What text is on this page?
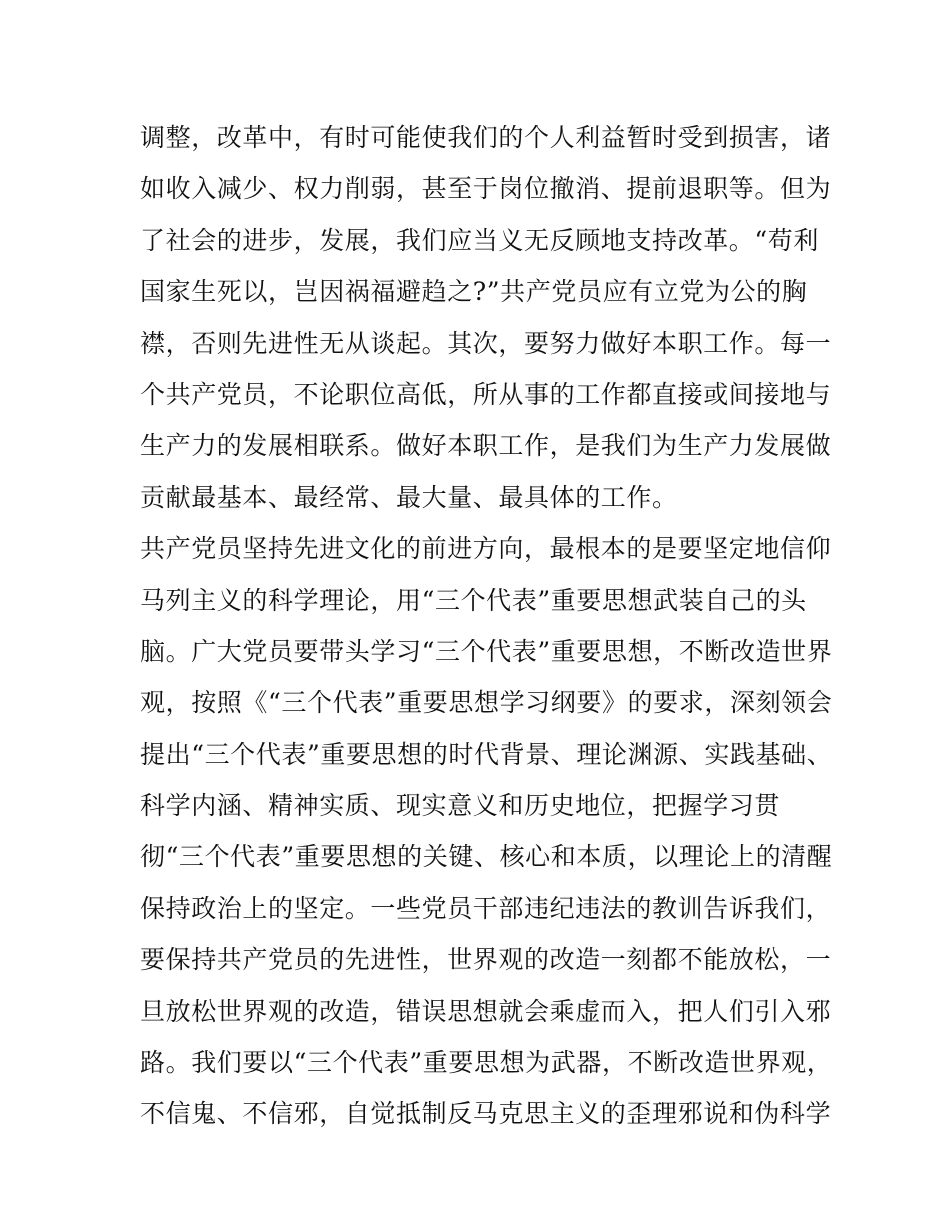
调整，改革中，有时可能使我们的个人利益暂时受到损害，诸
如收入减少、权力削弱，甚至于岗位撤消、提前退职等。但为
了社会的进步，发展，我们应当义无反顾地支持改革。“苟利
国家生死以，岂因祸福避趋之?”共产党员应有立党为公的胸
襟，否则先进性无从谈起。其次，要努力做好本职工作。每一
个共产党员，不论职位高低，所从事的工作都直接或间接地与
生产力的发展相联系。做好本职工作，是我们为生产力发展做
贡献最基本、最经常、最大量、最具体的工作。
共产党员坚持先进文化的前进方向，最根本的是要坚定地信仰
马列主义的科学理论，用“三个代表”重要思想武装自己的头
脑。广大党员要带头学习“三个代表”重要思想，不断改造世界
观，按照《“三个代表”重要思想学习纲要》的要求，深刻领会
提出“三个代表”重要思想的时代背景、理论渊源、实践基础、
科学内涵、精神实质、现实意义和历史地位，把握学习贯
彻“三个代表”重要思想的关键、核心和本质，以理论上的清醒
保持政治上的坚定。一些党员干部违纪违法的教训告诉我们，
要保持共产党员的先进性，世界观的改造一刻都不能放松，一
旦放松世界观的改造，错误思想就会乘虚而入，把人们引入邪
路。我们要以“三个代表”重要思想为武器，不断改造世界观，
不信鬼、不信邪，自觉抵制反马克思主义的歪理邪说和伪科学
